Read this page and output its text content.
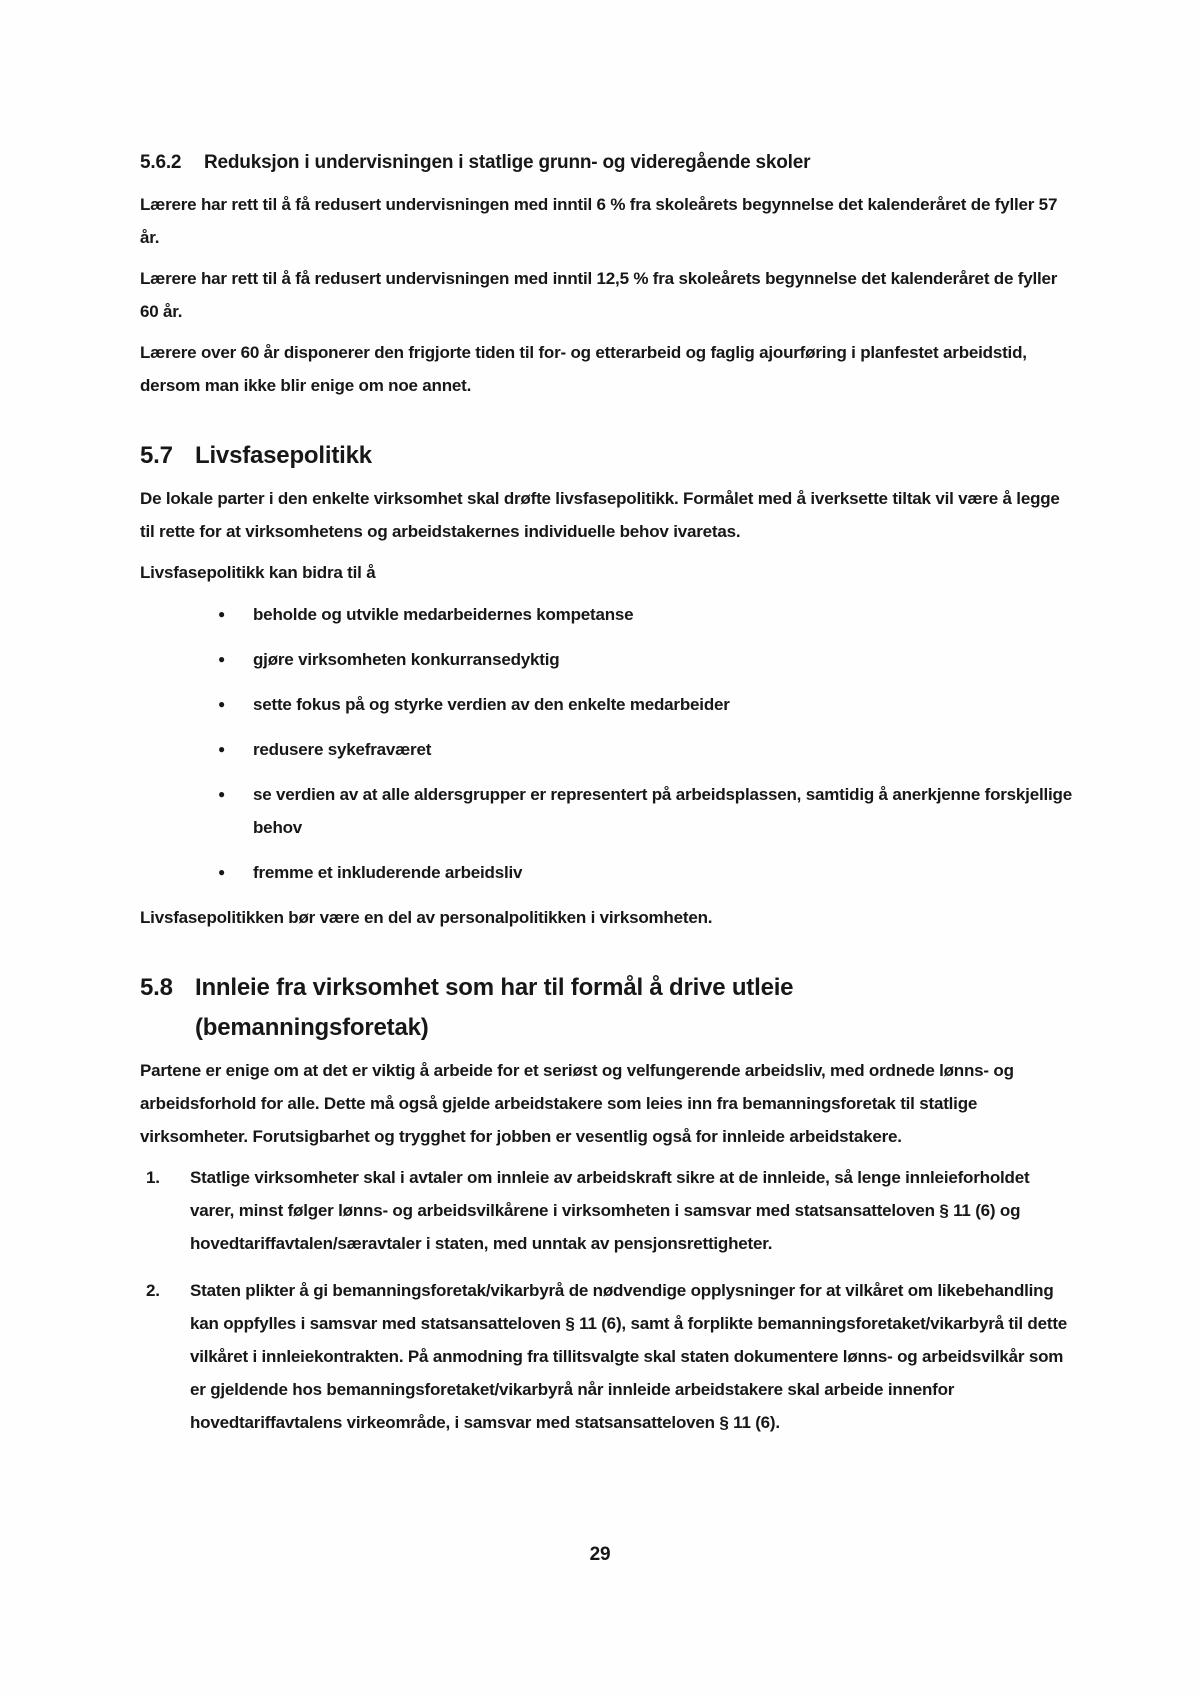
5.6.2	Reduksjon i undervisningen i statlige grunn- og videregående skoler

Lærere har rett til å få redusert undervisningen med inntil 6 % fra skoleårets begynnelse det kalenderåret de fyller 57 år.

Lærere har rett til å få redusert undervisningen med inntil 12,5 % fra skoleårets begynnelse det kalenderåret de fyller 60 år.

Lærere over 60 år disponerer den frigjorte tiden til for- og etterarbeid og faglig ajourføring i planfestet arbeidstid, dersom man ikke blir enige om noe annet.

5.7 Livsfasepolitikk

De lokale parter i den enkelte virksomhet skal drøfte livsfasepolitikk. Formålet med å iverksette tiltak vil være å legge til rette for at virksomhetens og arbeidstakernes individuelle behov ivaretas.

Livsfasepolitikk kan bidra til å

●	beholde og utvikle medarbeidernes kompetanse
●	gjøre virksomheten konkurransedyktig
●	sette fokus på og styrke verdien av den enkelte medarbeider
●	redusere sykefraværet
●	se verdien av at alle aldersgrupper er representert på arbeidsplassen, samtidig å anerkjenne forskjellige behov
●	fremme et inkluderende arbeidsliv

Livsfasepolitikken bør være en del av personalpolitikken i virksomheten.

5.8 Innleie fra virksomhet som har til formål å drive utleie (bemanningsforetak)

Partene er enige om at det er viktig å arbeide for et seriøst og velfungerende arbeidsliv, med ordnede lønns- og arbeidsforhold for alle. Dette må også gjelde arbeidstakere som leies inn fra bemanningsforetak til statlige virksomheter. Forutsigbarhet og trygghet for jobben er vesentlig også for innleide arbeidstakere.

1.	Statlige virksomheter skal i avtaler om innleie av arbeidskraft sikre at de innleide, så lenge innleieforholdet varer, minst følger lønns- og arbeidsvilkårene i virksomheten i samsvar med statsansatteloven § 11 (6) og hovedtariffavtalen/særavtaler i staten, med unntak av pensjonsrettigheter.
2.	Staten plikter å gi bemanningsforetak/vikarbyrå de nødvendige opplysninger for at vilkåret om likebehandling kan oppfylles i samsvar med statsansatteloven § 11 (6), samt å forplikte bemanningsforetaket/vikarbyrå til dette vilkåret i innleiekontrakten. På anmodning fra tillitsvalgte skal staten dokumentere lønns- og arbeidsvilkår som er gjeldende hos bemanningsforetaket/vikarbyrå når innleide arbeidstakere skal arbeide innenfor hovedtariffavtalens virkeområde, i samsvar med statsansatteloven § 11 (6).
29
